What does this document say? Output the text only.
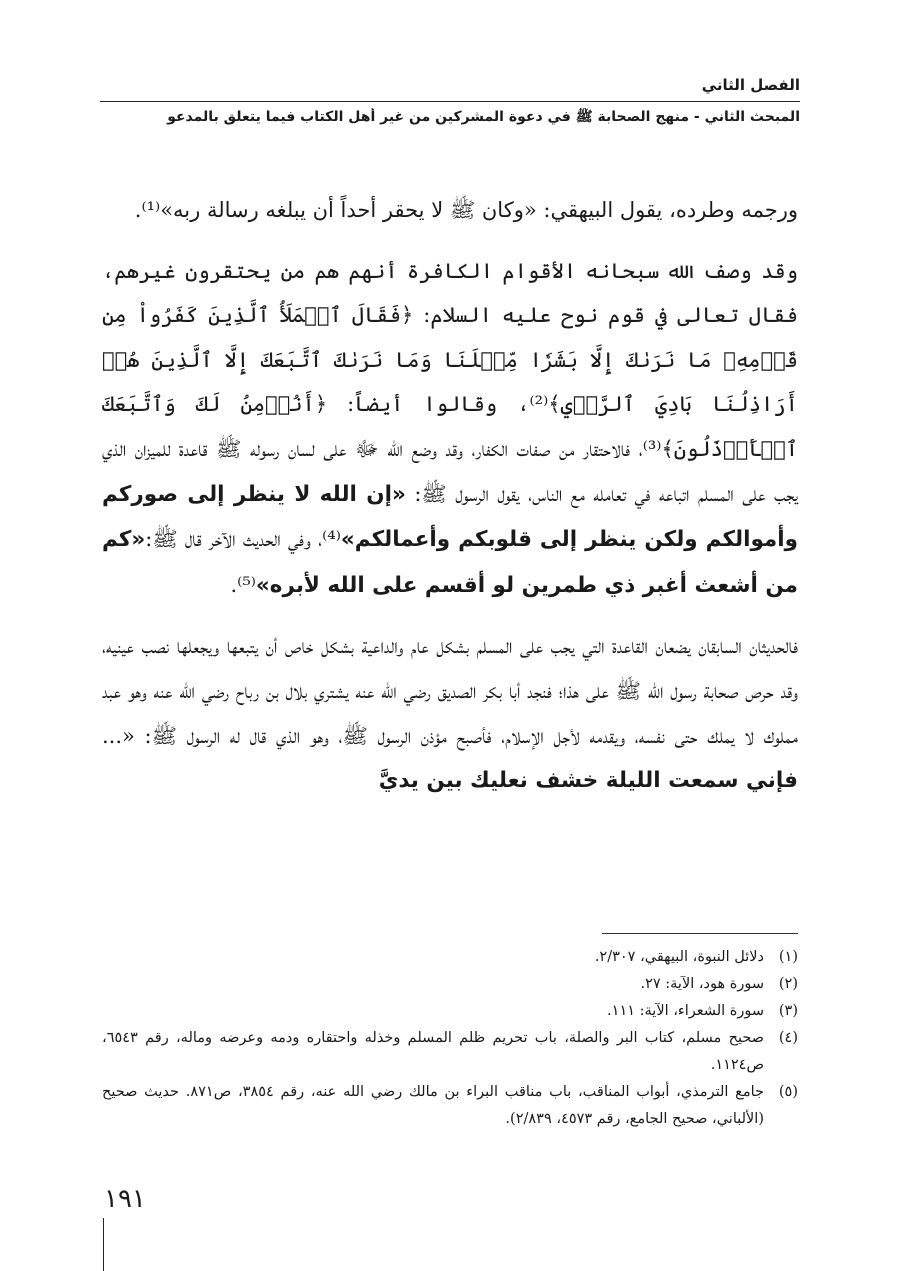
الفصل الثاني
المبحث الثاني - منهج الصحابة ﷺ في دعوة المشركين من غير أهل الكتاب فيما يتعلق بالمدعو

ورجمه وطرده، يقول البيهقي: «وكان ﷺ لا يحقر أحداً أن يبلغه رسالة ربه»⁽¹⁾.

وقد وصف الله سبحانه الأقوام الكافرة أنهم هم من يحتقرون غيرهم، فقال تعالى في قوم نوح عليه السلام: ﴿فَقَالَ ٱلۡمَلَأُ ٱلَّذِينَ كَفَرُواْ مِن قَوۡمِهِۦ مَا نَرَىٰكَ إِلَّا بَشَرٗا مِّثۡلَنَا وَمَا نَرَىٰكَ ٱتَّبَعَكَ إِلَّا ٱلَّذِينَ هُمۡ أَرَاذِلُنَا بَادِيَ ٱلرَّأۡيِ﴾⁽²⁾، وقالوا أيضاً: ﴿أَنُؤۡمِنُ لَكَ وَٱتَّبَعَكَ ٱلۡأَرۡذَلُونَ﴾⁽³⁾، فالاحتقار من صفات الكفار، وقد وضع الله ﷻ على لسان رسوله ﷺ قاعدة للميزان الذي يجب على المسلم اتباعه في تعامله مع الناس، يقول الرسول ﷺ: «إن الله لا ينظر إلى صوركم وأموالكم ولكن ينظر إلى قلوبكم وأعمالكم»⁽⁴⁾، وفي الحديث الآخر قال ﷺ:«كم من أشعث أغبر ذي طمرين لو أقسم على الله لأبره»⁽⁵⁾.

فالحديثان السابقان يضعان القاعدة التي يجب على المسلم بشكل عام والداعية بشكل خاص أن يتبعها ويجعلها نصب عينيه، وقد حرص صحابة رسول الله ﷺ على هذا؛ فنجد أبا بكر الصديق رضي الله عنه يشتري بلال بن رباح رضي الله عنه وهو عبد مملوك لا يملك حتى نفسه، ويقدمه لأجل الإسلام، فأصبح مؤذن الرسول ﷺ، وهو الذي قال له الرسول ﷺ: «... فإني سمعت الليلة خشف نعليك بين يديَّ

(١)
دلائل النبوة، البيهقي، ٢/٣٠٧.
(٢)
سورة هود، الآية: ٢٧.
(٣)
سورة الشعراء، الآية: ١١١.
(٤)
صحيح مسلم، كتاب البر والصلة، باب تحريم ظلم المسلم وخذله واحتقاره ودمه وعرضه وماله، رقم ٦٥٤٣، ص١١٢٤.
(٥)
جامع الترمذي، أبواب المناقب، باب مناقب البراء بن مالك رضي الله عنه، رقم ٣٨٥٤، ص٨٧١. حديث صحيح (الألباني، صحيح الجامع، رقم ٤٥٧٣، ٢/٨٣٩).
١٩١
